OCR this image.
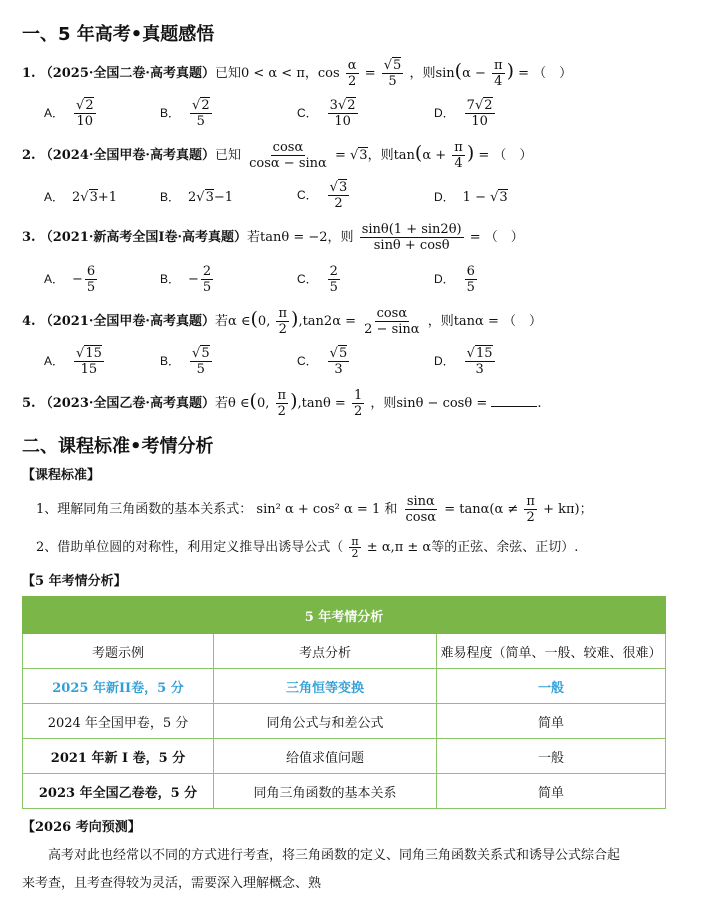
一、5 年高考•真题感悟
1. （2025·全国二卷·高考真题）已知0 < α < π，$\cos \frac{\alpha}{2} = \frac{√5}{5}$ ，则$\sin(\alpha - \frac{\pi}{4}$ ) = （　）
A． $\frac{√2}{10}$	B． $\frac{√2}{5}$	C． $\frac{3√2}{10}$	D． $\frac{7√2}{10}$
2. （2024·全国甲卷·高考真题）已知 $\frac{\cos\alpha}{\cos\alpha - \sin\alpha} = √3$，则$\tan(\alpha + \frac{\pi}{4}$ ) = （　）
A． 2√3+1	B． 2√3−1	C． $\frac{√3}{2}$	D． 1 − √3
3. （2021·新高考全国Ⅰ卷·高考真题）若tanθ = −2，则 $\frac{\sin\theta(1 + \sin 2\theta)}{\sin\theta + \cos\theta}$ = （　）
A． − $\frac{6}{5}$	B． − $\frac{2}{5}$	C． $\frac{2}{5}$	D． $\frac{6}{5}$
4. （2021·全国甲卷·高考真题）若α ∈(0, $\frac{\pi}{2} ),\tan 2\alpha = \frac{\cos\alpha}{2 - \sin\alpha}$ ，则tanα = （　）
A． $\frac{√15}{15}$	B． $\frac{√5}{5}$	C． $\frac{√5}{3}$	D． $\frac{√15}{3}$
5. （2023·全国乙卷·高考真题）若θ ∈(0, $\frac{\pi}{2} ),\tan\theta = \frac{1}{2}$ ，则sinθ − cosθ =	.
二、课程标准•考情分析
【课程标准】
1、理解同角三角函数的基本关系式： sin² α + cos² α = 1 和 $\frac{\sin\alpha}{\cos\alpha} = \tan\alpha(\alpha \ne \frac{\pi}{2} + k\pi)$；
2、借助单位圆的对称性，利用定义推导出诱导公式（ $\frac{\pi}{2} \pm \alpha,\pi \pm \alpha$等的正弦、余弦、正切）.
【5 年考情分析】
5 年考情分析		
考题示例	考点分析	难易程度（简单、一般、较难、很难）
2025 年新II卷，5 分	三角恒等变换	一般
2024 年全国甲卷，5 分	同角公式与和差公式	简单
2021 年新 I 卷，5 分	给值求值问题	一般
2023 年全国乙卷卷，5 分	同角三角函数的基本关系	简单
【2026 考向预测】
高考对此也经常以不同的方式进行考查，将三角函数的定义、同角三角函数关系式和诱导公式综合起
来考查，且考查得较为灵活，需要深入理解概念、熟
